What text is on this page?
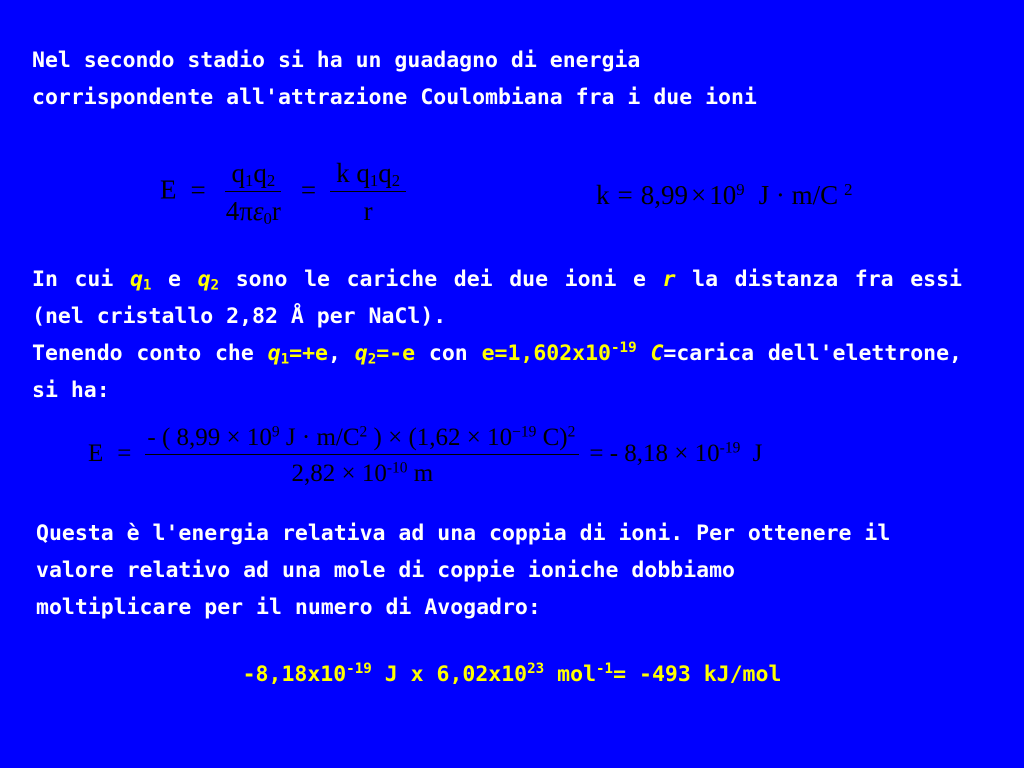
Nel secondo stadio si ha un guadagno di energia
corrispondente all'attrazione Coulombiana fra i due ioni
$E = \frac{q_1q_2}{4\pi\varepsilon_0r} = \frac{k q_1q_2}{r}$	$k = 8,99 \times 10^9$ J · m/C $^2$
In cui $q_1$ e $q_2$ sono le cariche dei due ioni e r la distanza fra essi (nel cristallo 2,82 Å per NaCl).
Tenendo conto che $q_1=+e$, $q_2=-e$ con $e=1,602x10^{-19}$ C=carica dell'elettrone, si ha:
$E = \frac{- ( 8,99 \times 10^9 J \cdot m/C^2 ) \times (1,62 \times 10^{-19} C)^2}{2,82 \times 10^{-10} m}$ = - $8,18 \times 10^{-19}$ J
Questa è l'energia relativa ad una coppia di ioni. Per ottenere il valore relativo ad una mole di coppie ioniche dobbiamo moltiplicare per il numero di Avogadro:
$-8,18x10^{-19}$ J x $6,02x10^{23}$ mol$^{-1}$= -493 kJ/mol
